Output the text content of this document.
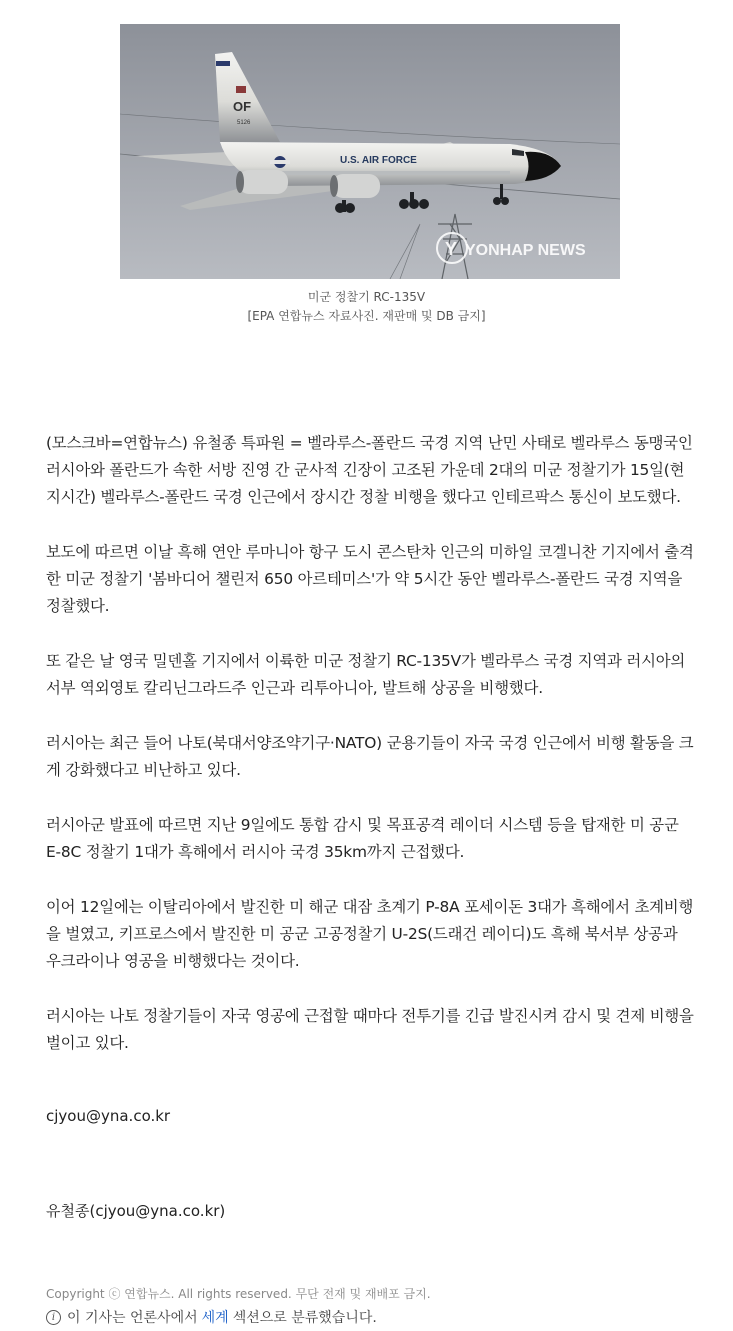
OF
5126
U.S. AIR FORCE
Y YONHAP NEWS
미군 정찰기 RC-135V
[EPA 연합뉴스 자료사진. 재판매 및 DB 금지]

(모스크바=연합뉴스) 유철종 특파원 = 벨라루스-폴란드 국경 지역 난민 사태로 벨라루스 동맹국인 러시아와 폴란드가 속한 서방 진영 간 군사적 긴장이 고조된 가운데 2대의 미군 정찰기가 15일(현지시간) 벨라루스-폴란드 국경 인근에서 장시간 정찰 비행을 했다고 인테르팍스 통신이 보도했다.

보도에 따르면 이날 흑해 연안 루마니아 항구 도시 콘스탄차 인근의 미하일 코겔니찬 기지에서 출격한 미군 정찰기 '봄바디어 챌린저 650 아르테미스'가 약 5시간 동안 벨라루스-폴란드 국경 지역을 정찰했다.

또 같은 날 영국 밀덴홀 기지에서 이륙한 미군 정찰기 RC-135V가 벨라루스 국경 지역과 러시아의 서부 역외영토 칼리닌그라드주 인근과 리투아니아, 발트해 상공을 비행했다.

러시아는 최근 들어 나토(북대서양조약기구·NATO) 군용기들이 자국 국경 인근에서 비행 활동을 크게 강화했다고 비난하고 있다.

러시아군 발표에 따르면 지난 9일에도 통합 감시 및 목표공격 레이더 시스템 등을 탑재한 미 공군 E-8C 정찰기 1대가 흑해에서 러시아 국경 35km까지 근접했다.

이어 12일에는 이탈리아에서 발진한 미 해군 대잠 초계기 P-8A 포세이돈 3대가 흑해에서 초계비행을 벌였고, 키프로스에서 발진한 미 공군 고공정찰기 U-2S(드래건 레이디)도 흑해 북서부 상공과 우크라이나 영공을 비행했다는 것이다.

러시아는 나토 정찰기들이 자국 영공에 근접할 때마다 전투기를 긴급 발진시켜 감시 및 견제 비행을 벌이고 있다.

cjyou@yna.co.kr
유철종(cjyou@yna.co.kr)
Copyright ⓒ 연합뉴스. All rights reserved. 무단 전재 및 재배포 금지.
i 이 기사는 언론사에서 세계 섹션으로 분류했습니다.
